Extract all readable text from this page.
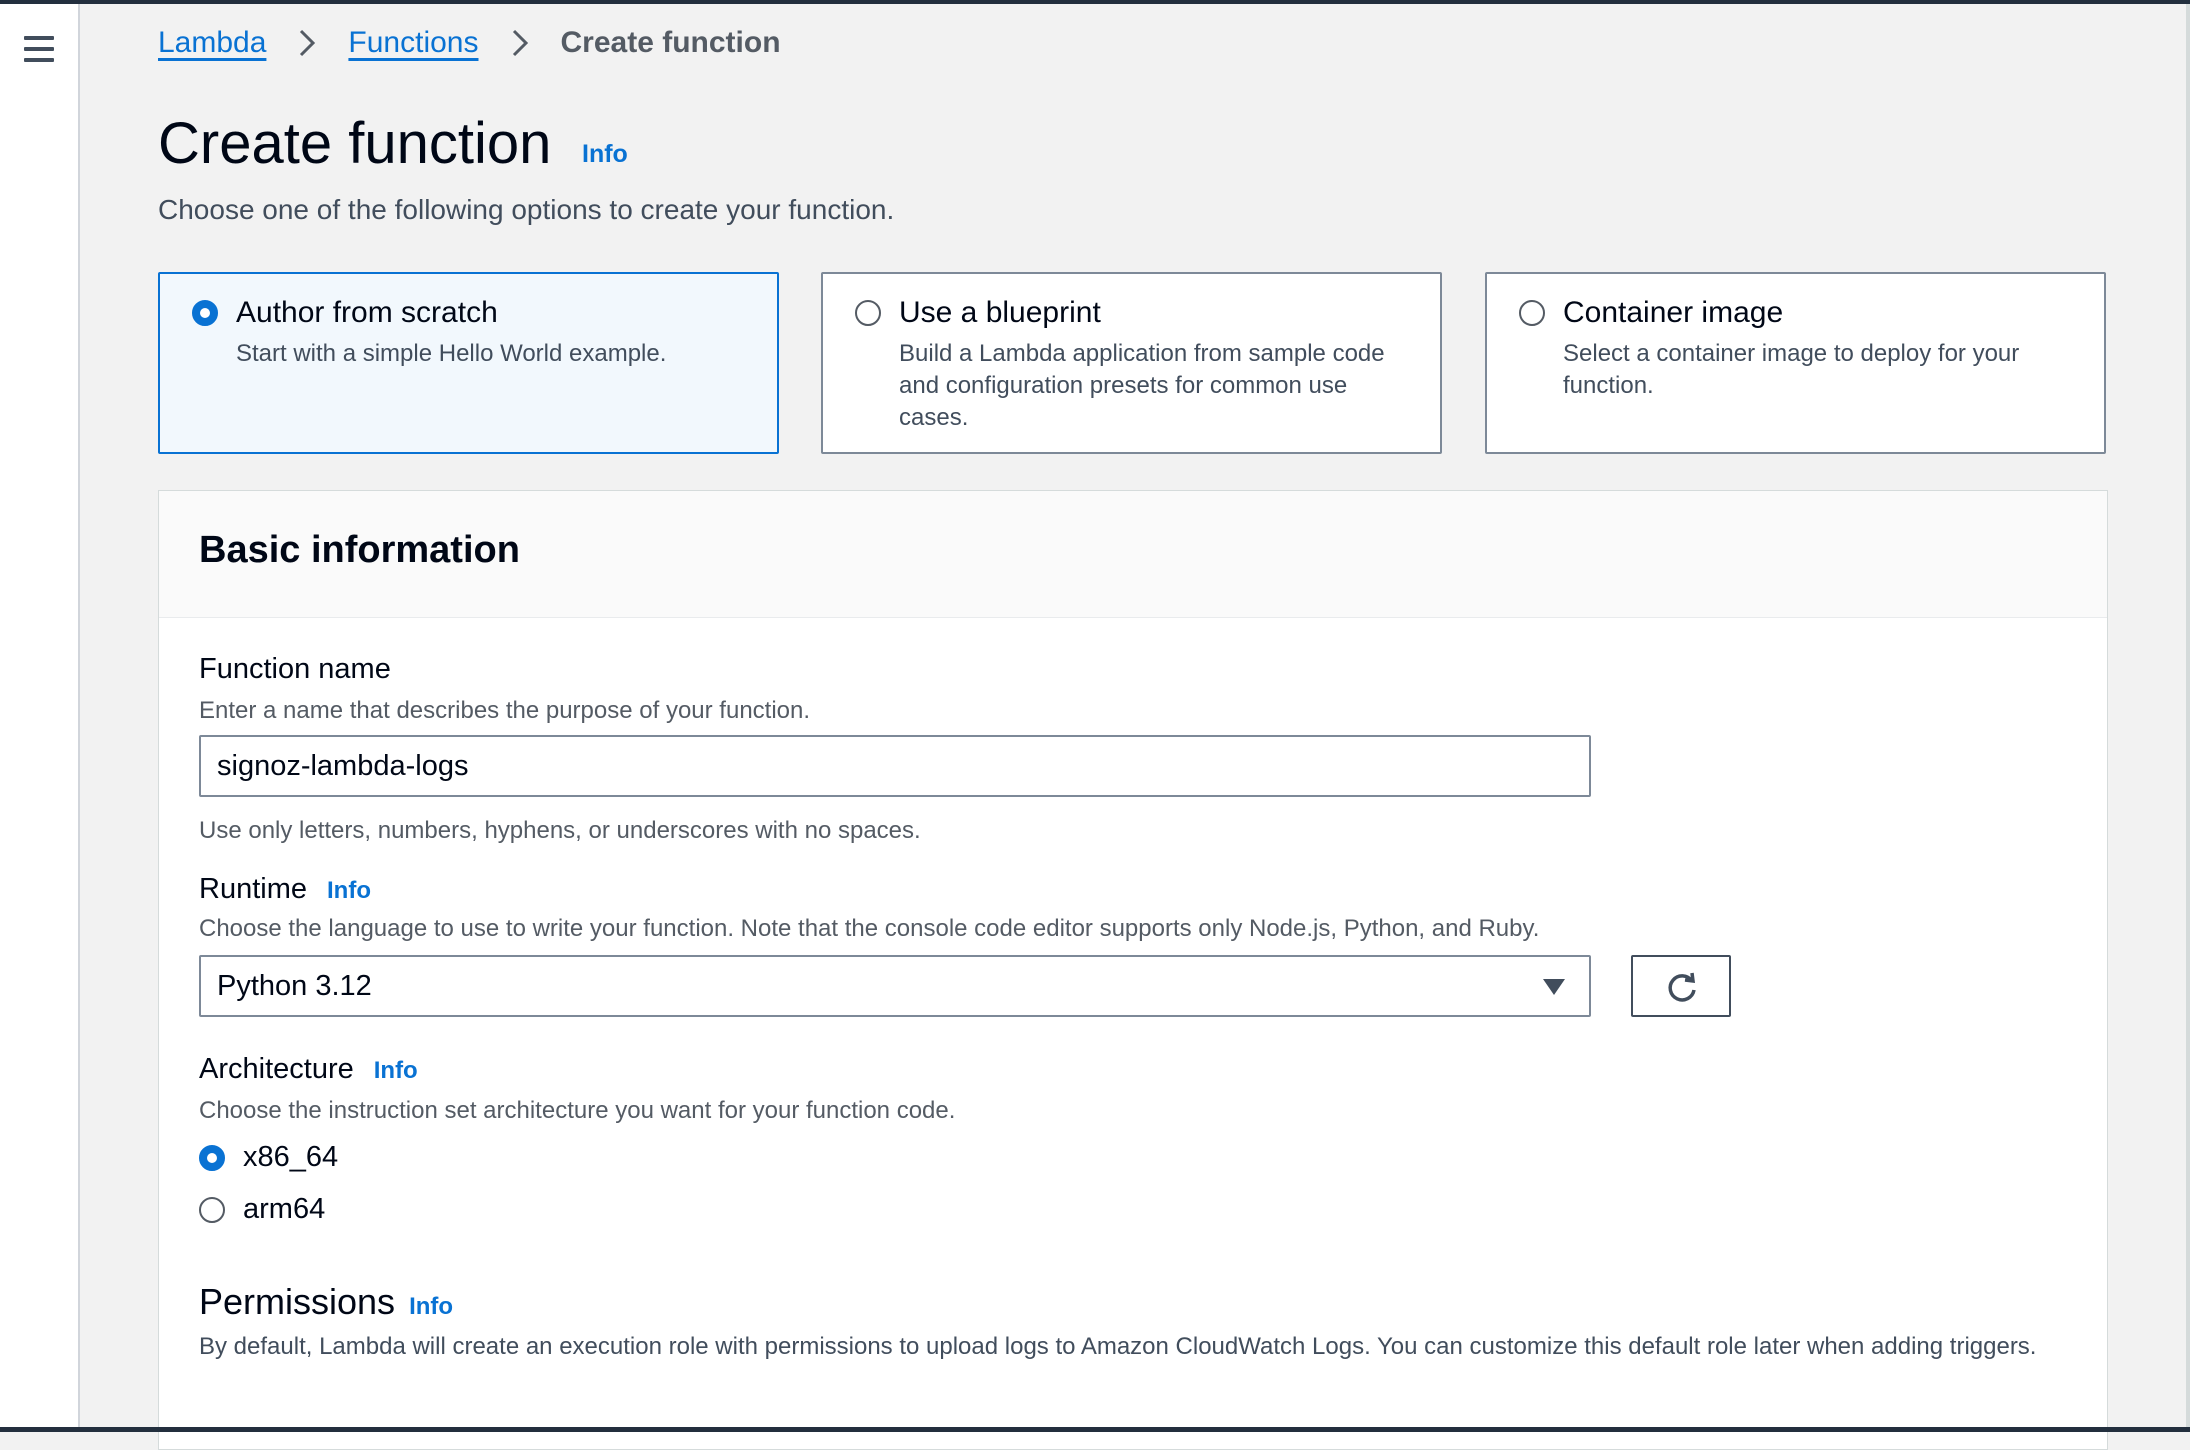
Lambda	Functions	Create function
Create function Info
Choose one of the following options to create your function.
Author from scratch
Start with a simple Hello World example.
Use a blueprint
Build a Lambda application from sample code and configuration presets for common use cases.
Container image
Select a container image to deploy for your function.
Basic information
Function name
Enter a name that describes the purpose of your function.
signoz-lambda-logs
Use only letters, numbers, hyphens, or underscores with no spaces.
Runtime Info
Choose the language to use to write your function. Note that the console code editor supports only Node.js, Python, and Ruby.
Python 3.12
Architecture Info
Choose the instruction set architecture you want for your function code.
x86_64
arm64
Permissions Info
By default, Lambda will create an execution role with permissions to upload logs to Amazon CloudWatch Logs. You can customize this default role later when adding triggers.
